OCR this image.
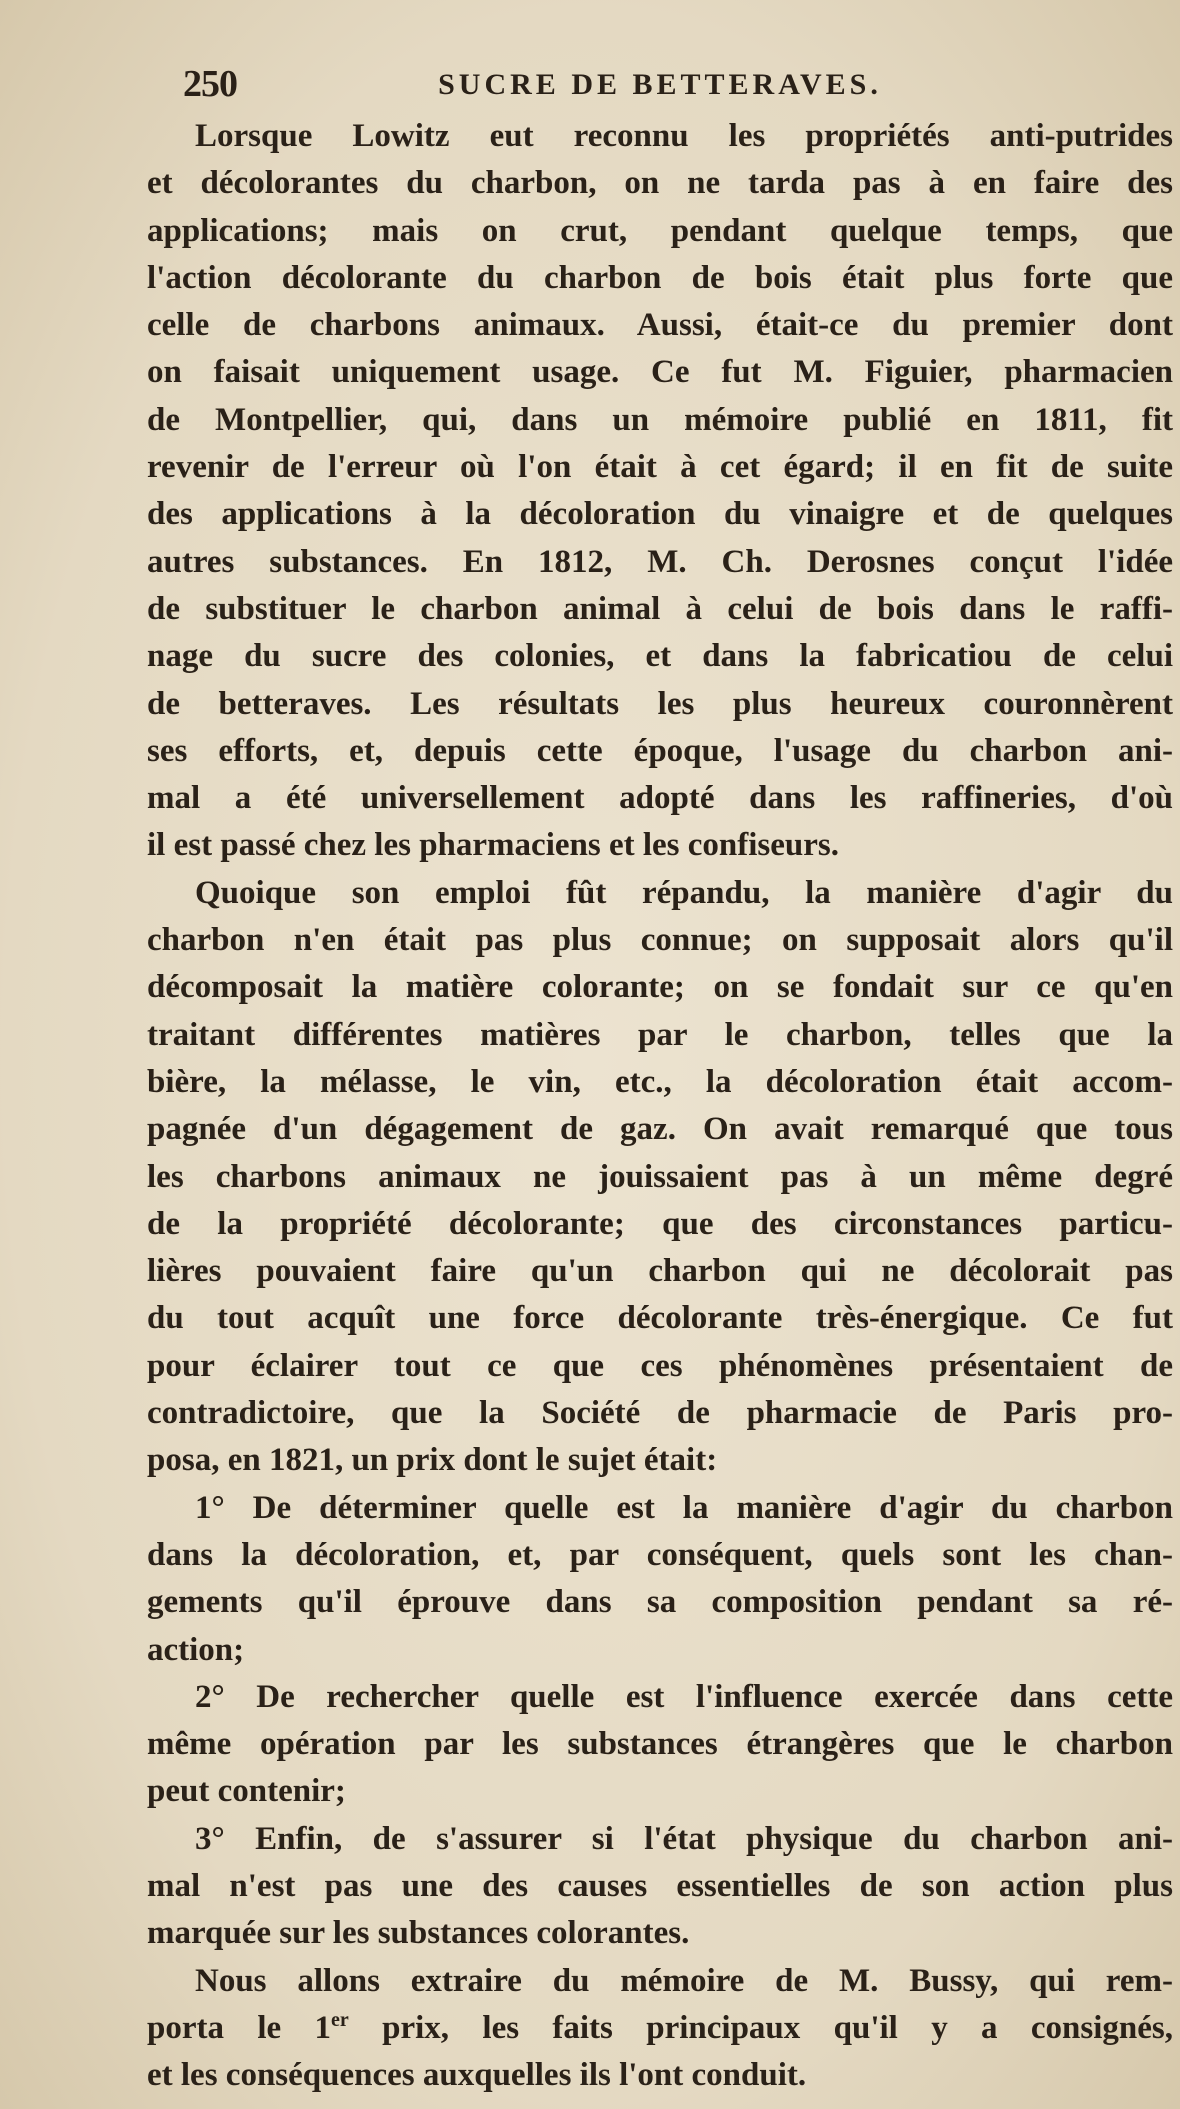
250	SUCRE DE BETTERAVES.
Lorsque Lowitz eut reconnu les propriétés anti-putrides
et décolorantes du charbon, on ne tarda pas à en faire des
applications; mais on crut, pendant quelque temps, que
l'action décolorante du charbon de bois était plus forte que
celle de charbons animaux. Aussi, était-ce du premier dont
on faisait uniquement usage. Ce fut M. Figuier, pharmacien
de Montpellier, qui, dans un mémoire publié en 1811, fit
revenir de l'erreur où l'on était à cet égard; il en fit de suite
des applications à la décoloration du vinaigre et de quelques
autres substances. En 1812, M. Ch. Derosnes conçut l'idée
de substituer le charbon animal à celui de bois dans le raffi-
nage du sucre des colonies, et dans la fabricatiou de celui
de betteraves. Les résultats les plus heureux couronnèrent
ses efforts, et, depuis cette époque, l'usage du charbon ani-
mal a été universellement adopté dans les raffineries, d'où
il est passé chez les pharmaciens et les confiseurs.
Quoique son emploi fût répandu, la manière d'agir du
charbon n'en était pas plus connue; on supposait alors qu'il
décomposait la matière colorante; on se fondait sur ce qu'en
traitant différentes matières par le charbon, telles que la
bière, la mélasse, le vin, etc., la décoloration était accom-
pagnée d'un dégagement de gaz. On avait remarqué que tous
les charbons animaux ne jouissaient pas à un même degré
de la propriété décolorante; que des circonstances particu-
lières pouvaient faire qu'un charbon qui ne décolorait pas
du tout acquît une force décolorante très-énergique. Ce fut
pour éclairer tout ce que ces phénomènes présentaient de
contradictoire, que la Société de pharmacie de Paris pro-
posa, en 1821, un prix dont le sujet était:
1° De déterminer quelle est la manière d'agir du charbon
dans la décoloration, et, par conséquent, quels sont les chan-
gements qu'il éprouve dans sa composition pendant sa ré-
action;
2° De rechercher quelle est l'influence exercée dans cette
même opération par les substances étrangères que le charbon
peut contenir;
3° Enfin, de s'assurer si l'état physique du charbon ani-
mal n'est pas une des causes essentielles de son action plus
marquée sur les substances colorantes.
Nous allons extraire du mémoire de M. Bussy, qui rem-
porta le 1er prix, les faits principaux qu'il y a consignés,
et les conséquences auxquelles ils l'ont conduit.
